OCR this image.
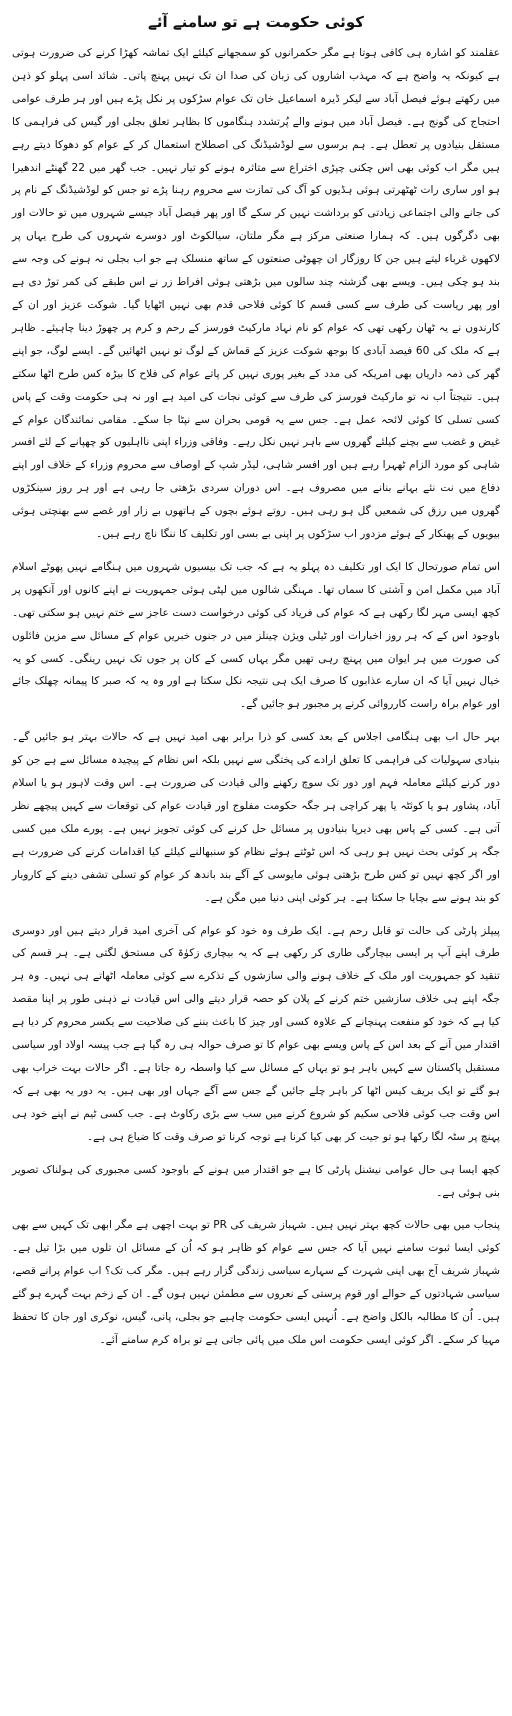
کوئی حکومت ہے تو سامنے آئے

عقلمند کو اشارہ ہی کافی ہوتا ہے مگر حکمرانوں کو سمجھانے کیلئے ایک تماشہ کھڑا کرنے کی ضرورت ہوتی ہے کیونکہ یہ واضح ہے کہ مہذب اشاروں کی زبان کی صدا ان تک نہیں پہنچ پاتی۔ شائد اسی پہلو کو ذہن میں رکھتے ہوئے فیصل آباد سے لیکر ڈیرہ اسماعیل خان تک عوام سڑکوں پر نکل پڑے ہیں اور ہر طرف عوامی احتجاج کی گونج ہے۔ فیصل آباد میں ہونے والے پُرتشدد ہنگاموں کا بظاہر تعلق بجلی اور گیس کی فراہمی کا مستقل بنیادوں پر تعطل ہے۔ ہم برسوں سے لوڈشیڈنگ کی اصطلاح استعمال کر کے عوام کو دھوکا دیتے رہے ہیں مگر اب کوئی بھی اس چکنی چپڑی اختراع سے متاثرہ ہونے کو تیار نہیں۔ جب گھر میں 22 گھنٹے اندھیرا ہو اور ساری رات ٹھٹھرتی ہوئی ہڈیوں کو آگ کی تمازت سے محروم رہنا پڑے تو جس کو لوڈشیڈنگ کے نام پر کی جانے والی اجتماعی زیادتی کو برداشت نہیں کر سکے گا اور پھر فیصل آباد جیسے شہروں میں تو حالات اور بھی دگرگوں ہیں۔ کہ ہمارا صنعتی مرکز ہے مگر ملتان، سیالکوٹ اور دوسرے شہروں کی طرح یہاں پر لاکھوں غرباء لیتے ہیں جن کا روزگار ان چھوٹی صنعتوں کے ساتھ منسلک ہے جو اب بجلی نہ ہونے کی وجہ سے بند ہو چکی ہیں۔ ویسے بھی گزشتہ چند سالوں میں بڑھتی ہوئی افراط زر نے اس طبقے کی کمر توڑ دی ہے اور پھر ریاست کی طرف سے کسی قسم کا کوئی فلاحی قدم بھی نہیں اٹھایا گیا۔ شوکت عزیز اور ان کے کارندوں نے یہ ٹھان رکھی تھی کہ عوام کو نام نہاد مارکیٹ فورسز کے رحم و کرم پر چھوڑ دینا چاہیئے۔ ظاہر ہے کہ ملک کی 60 فیصد آبادی کا بوجھ شوکت عزیز کے قماش کے لوگ تو نہیں اٹھائیں گے۔ ایسے لوگ، جو اپنے گھر کی ذمہ داریاں بھی امریکہ کی مدد کے بغیر پوری نہیں کر پاتے عوام کی فلاح کا بیڑہ کس طرح اٹھا سکتے ہیں۔ نتیجتاً اب نہ تو مارکیٹ فورسز کی طرف سے کوئی نجات کی امید ہے اور نہ ہی حکومت وقت کے پاس کسی تسلی کا کوئی لائحہ عمل ہے۔ جس سے یہ قومی بحران سے نپٹا جا سکے۔ مقامی نمائندگان عوام کے غیض و غضب سے بچنے کیلئے گھروں سے باہر نہیں نکل رہے۔ وفاقی وزراء اپنی نااہلیوں کو چھپانے کے لئے افسر شاہی کو مورد الزام ٹھہرا رہے ہیں اور افسر شاہی، لیڈر شپ کے اوصاف سے محروم وزراء کے خلاف اور اپنے دفاع میں نت نئے بہانے بنانے میں مصروف ہے۔ اس دوران سردی بڑھتی جا رہی ہے اور ہر روز سینکڑوں گھروں میں رزق کی شمعیں گل ہو رہی ہیں۔ روتے ہوئے بچوں کے ہاتھوں بے زار اور غصے سے بھنچتی ہوئی بیویوں کے پھنکار کے ہوئے مزدور اب سڑکوں پر اپنی بے بسی اور تکلیف کا ننگا ناچ رہے ہیں۔

اس تمام صورتحال کا ایک اور تکلیف دہ پہلو یہ ہے کہ جب تک بیسیوں شہروں میں ہنگامے نہیں پھوٹے اسلام آباد میں مکمل امن و آشتی کا سماں تھا۔ مہنگی شالوں میں لپٹی ہوئی جمہوریت نے اپنے کانوں اور آنکھوں پر کچھ ایسی مہر لگا رکھی ہے کہ عوام کی فریاد کی کوئی درخواست دست عاجز سے ختم نہیں ہو سکتی تھی۔ باوجود اس کے کہ ہر روز اخبارات اور ٹیلی ویژن چینلز میں در جنوں خبریں عوام کے مسائل سے مزین فائلوں کی صورت میں ہر ایوان میں پہنچ رہی تھیں مگر یہاں کسی کے کان پر جوں تک نہیں رینگی۔ کسی کو یہ خیال نہیں آیا کہ ان سارے عذابوں کا صرف ایک ہی نتیجہ نکل سکتا ہے اور وہ یہ کہ صبر کا پیمانہ چھلک جائے اور عوام براہ راست کارروائی کرنے پر مجبور ہو جائیں گے۔

بہر حال اب بھی ہنگامی اجلاس کے بعد کسی کو ذرا برابر بھی امید نہیں ہے کہ حالات بہتر ہو جائیں گے۔ بنیادی سہولیات کی فراہمی کا تعلق ارادے کی پختگی سے نہیں بلکہ اس نظام کے پیچیدہ مسائل سے ہے جن کو دور کرنے کیلئے معاملہ فہم اور دور تک سوچ رکھنے والی قیادت کی ضرورت ہے۔ اس وقت لاہور ہو یا اسلام آباد، پشاور ہو یا کوئٹہ یا پھر کراچی ہر جگہ حکومت مفلوج اور قیادت عوام کی توقعات سے کہیں پیچھے نظر آتی ہے۔ کسی کے پاس بھی دیرپا بنیادوں پر مسائل حل کرنے کی کوئی تجویز نہیں ہے۔ پورے ملک میں کسی جگہ پر کوئی بحث نہیں ہو رہی کہ اس ٹوٹتے ہوئے نظام کو سنبھالنے کیلئے کیا اقدامات کرنے کی ضرورت ہے اور اگر کچھ نہیں تو کس طرح بڑھتی ہوئی مایوسی کے آگے بند باندھ کر عوام کو تسلی تشفی دینے کے کاروبار کو بند ہونے سے بچایا جا سکتا ہے۔ ہر کوئی اپنی دنیا میں مگن ہے۔

پیپلز پارٹی کی حالت تو قابل رحم ہے۔ ایک طرف وہ خود کو عوام کی آخری امید قرار دیتے ہیں اور دوسری طرف اپنے آپ پر ایسی بیچارگی طاری کر رکھی ہے کہ یہ بیچاری زکوٰۃ کی مستحق لگتی ہے۔ ہر قسم کی تنقید کو جمہوریت اور ملک کے خلاف ہونے والی سازشوں کے تذکرے سے کوئی معاملہ اٹھاتے ہی نہیں۔ وہ ہر جگہ اپنے ہی خلاف سازشیں ختم کرنے کے پلان کو حصہ قرار دیتے والی اس قیادت نے ذہنی طور پر اپنا مقصد کیا ہے کہ خود کو منفعت پہنچانے کے علاوہ کسی اور چیز کا باعث بننے کی صلاحیت سے یکسر محروم کر دیا ہے اقتدار میں آنے کے بعد اس کے پاس ویسے بھی عوام کا تو صرف حوالہ ہی رہ گیا ہے جب پیسہ اولاد اور سیاسی مستقبل پاکستان سے کہیں باہر ہو تو یہاں کے مسائل سے کیا واسطہ رہ جاتا ہے۔ اگر حالات بہت خراب بھی ہو گئے تو ایک بریف کیس اٹھا کر باہر چلے جائیں گے جس سے آگے جہاں اور بھی ہیں۔ یہ دور یہ بھی ہے کہ اس وقت جب کوئی فلاحی سکیم کو شروع کرنے میں سب سے بڑی رکاوٹ ہے۔ جب کسی ٹیم نے اپنے خود ہی پہنچ پر سٹہ لگا رکھا ہو تو جیت کر بھی کیا کرنا ہے توجہ کرنا تو صرف وقت کا ضیاع ہی ہے۔

کچھ ایسا ہی حال عوامی نیشنل پارٹی کا ہے جو اقتدار میں ہونے کے باوجود کسی مجبوری کی ہولناک تصویر بنی ہوئی ہے۔

پنجاب میں بھی حالات کچھ بہتر نہیں ہیں۔ شہباز شریف کی PR تو بہت اچھی ہے مگر ابھی تک کہیں سے بھی کوئی ایسا ثبوت سامنے نہیں آیا کہ جس سے عوام کو ظاہر ہو کہ اُن کے مسائل ان تلوں میں بڑا تیل ہے۔ شہباز شریف آج بھی اپنی شہرت کے سہارے سیاسی زندگی گزار رہے ہیں۔ مگر کب تک؟ اب عوام پرانے قصے، سیاسی شہادتوں کے حوالے اور قوم پرستی کے نعروں سے مطمئن نہیں ہوں گے۔ ان کے زخم بہت گہرے ہو گئے ہیں۔ اُن کا مطالبہ بالکل واضح ہے۔ اُنہیں ایسی حکومت چاہیے جو بجلی، پانی، گیس، نوکری اور جان کا تحفظ مہیا کر سکے۔ اگر کوئی ایسی حکومت اس ملک میں پائی جاتی ہے تو براہ کرم سامنے آئے۔
